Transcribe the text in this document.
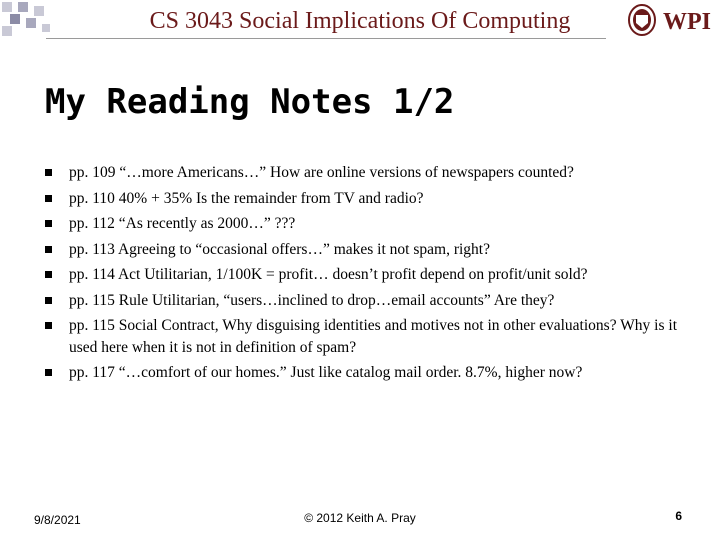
CS 3043 Social Implications Of Computing	WPI
My Reading Notes 1/2
pp. 109 “…more Americans…” How are online versions of newspapers counted?
pp. 110 40% + 35% Is the remainder from TV and radio?
pp. 112 “As recently as 2000…” ???
pp. 113 Agreeing to “occasional offers…” makes it not spam, right?
pp. 114 Act Utilitarian, 1/100K = profit… doesn’t profit depend on profit/unit sold?
pp. 115 Rule Utilitarian, “users…inclined to drop…email accounts” Are they?
pp. 115 Social Contract, Why disguising identities and motives not in other evaluations? Why is it used here when it is not in definition of spam?
pp. 117 “…comfort of our homes.” Just like catalog mail order. 8.7%, higher now?
9/8/2021	© 2012 Keith A. Pray	6
